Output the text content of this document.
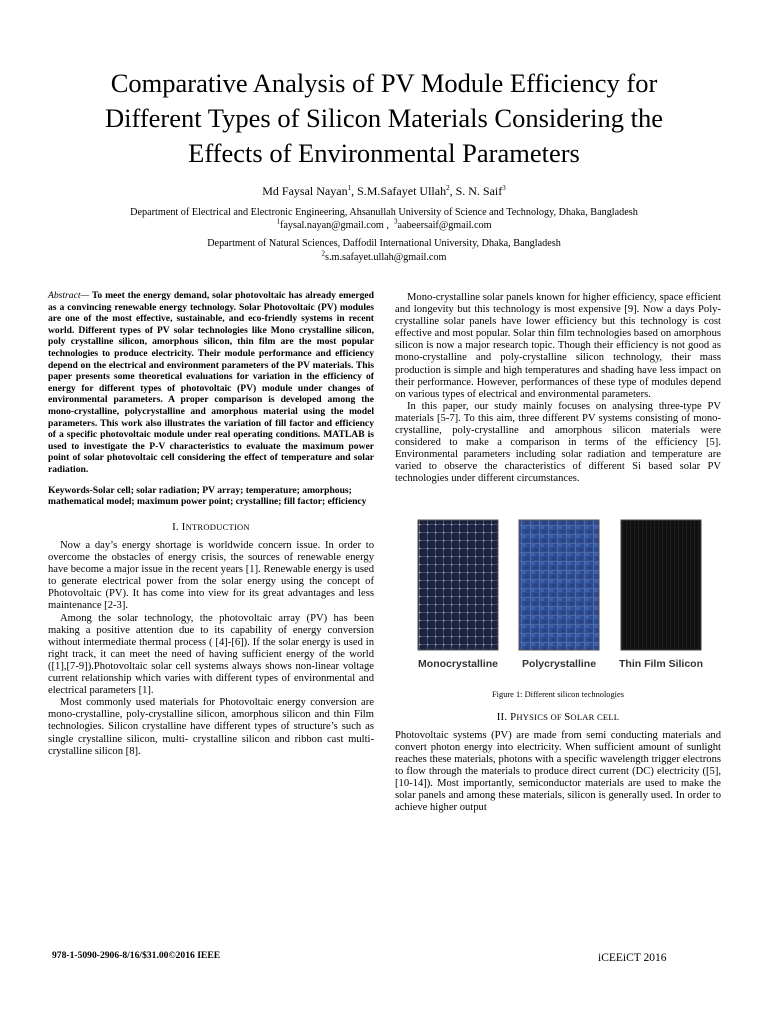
Comparative Analysis of PV Module Efficiency for
Different Types of Silicon Materials Considering the
Effects of Environmental Parameters
Md Faysal Nayan$^1$, S.M.Safayet Ullah$^2$, S. N. Saif$^3$
Department of Electrical and Electronic Engineering, Ahsanullah University of Science and Technology, Dhaka, Bangladesh
$^1$faysal.nayan@gmail.com , $^3$aabeersaif@gmail.com
Department of Natural Sciences, Daffodil International University, Dhaka, Bangladesh
$^2$s.m.safayet.ullah@gmail.com

Abstract— To meet the energy demand, solar photovoltaic has already emerged as a convincing renewable energy technology. Solar Photovoltaic (PV) modules are one of the most effective, sustainable, and eco-friendly systems in recent world. Different types of PV solar technologies like Mono crystalline silicon, poly crystalline silicon, amorphous silicon, thin film are the most popular technologies to produce electricity. Their module performance and efficiency depend on the electrical and environment parameters of the PV materials. This paper presents some theoretical evaluations for variation in the efficiency of energy for different types of photovoltaic (PV) module under changes of environmental parameters. A proper comparison is developed among the mono-crystalline, polycrystalline and amorphous material using the model parameters. This work also illustrates the variation of fill factor and efficiency of a specific photovoltaic module under real operating conditions. MATLAB is used to investigate the P-V characteristics to evaluate the maximum power point of solar photovoltaic cell considering the effect of temperature and solar radiation.

Keywords-Solar cell; solar radiation; PV array; temperature; amorphous; mathematical model; maximum power point; crystalline; fill factor; efficiency

I. INTRODUCTION

Now a day’s energy shortage is worldwide concern issue. In order to overcome the obstacles of energy crisis, the sources of renewable energy have become a major issue in the recent years [1]. Renewable energy is used to generate electrical power from the solar energy using the concept of Photovoltaic (PV). It has come into view for its great advantages and less maintenance [2-3].

Among the solar technology, the photovoltaic array (PV) has been making a positive attention due to its capability of energy conversion without intermediate thermal process ( [4]-[6]). If the solar energy is used in right track, it can meet the need of having sufficient energy of the world ([1],[7-9]).Photovoltaic solar cell systems always shows non-linear voltage current relationship which varies with different types of environmental and electrical parameters [1].

Most commonly used materials for Photovoltaic energy conversion are mono-crystalline, poly-crystalline silicon, amorphous silicon and thin Film technologies. Silicon crystalline have different types of structure’s such as single crystalline silicon, multi- crystalline silicon and ribbon cast multi-crystalline silicon [8].

Mono-crystalline solar panels known for higher efficiency, space efficient and longevity but this technology is most expensive [9]. Now a days Poly-crystalline solar panels have lower efficiency but this technology is cost effective and most popular. Solar thin film technologies based on amorphous silicon is now a major research topic. Though their efficiency is not good as mono-crystalline and poly-crystalline silicon technology, their mass production is simple and high temperatures and shading have less impact on their performance. However, performances of these type of modules depend on various types of electrical and environmental parameters.

In this paper, our study mainly focuses on analysing three-type PV materials [5-7]. To this aim, three different PV systems consisting of mono-crystalline, poly-crystalline and amorphous silicon materials were considered to make a comparison in terms of the efficiency [5]. Environmental parameters including solar radiation and temperature are varied to observe the characteristics of different Si based solar PV technologies under different circumstances.

Monocrystalline Polycrystalline Thin Film Silicon

Figure 1: Different silicon technologies

II. PHYSICS OF SOLAR CELL

Photovoltaic systems (PV) are made from semi conducting materials and convert photon energy into electricity. When sufficient amount of sunlight reaches these materials, photons with a specific wavelength trigger electrons to flow through the materials to produce direct current (DC) electricity ([5],[10-14]). Most importantly, semiconductor materials are used to make the solar panels and among these materials, silicon is generally used. In order to achieve higher output

978-1-5090-2906-8/16/$31.00©2016 IEEE	iCEEiCT 2016
